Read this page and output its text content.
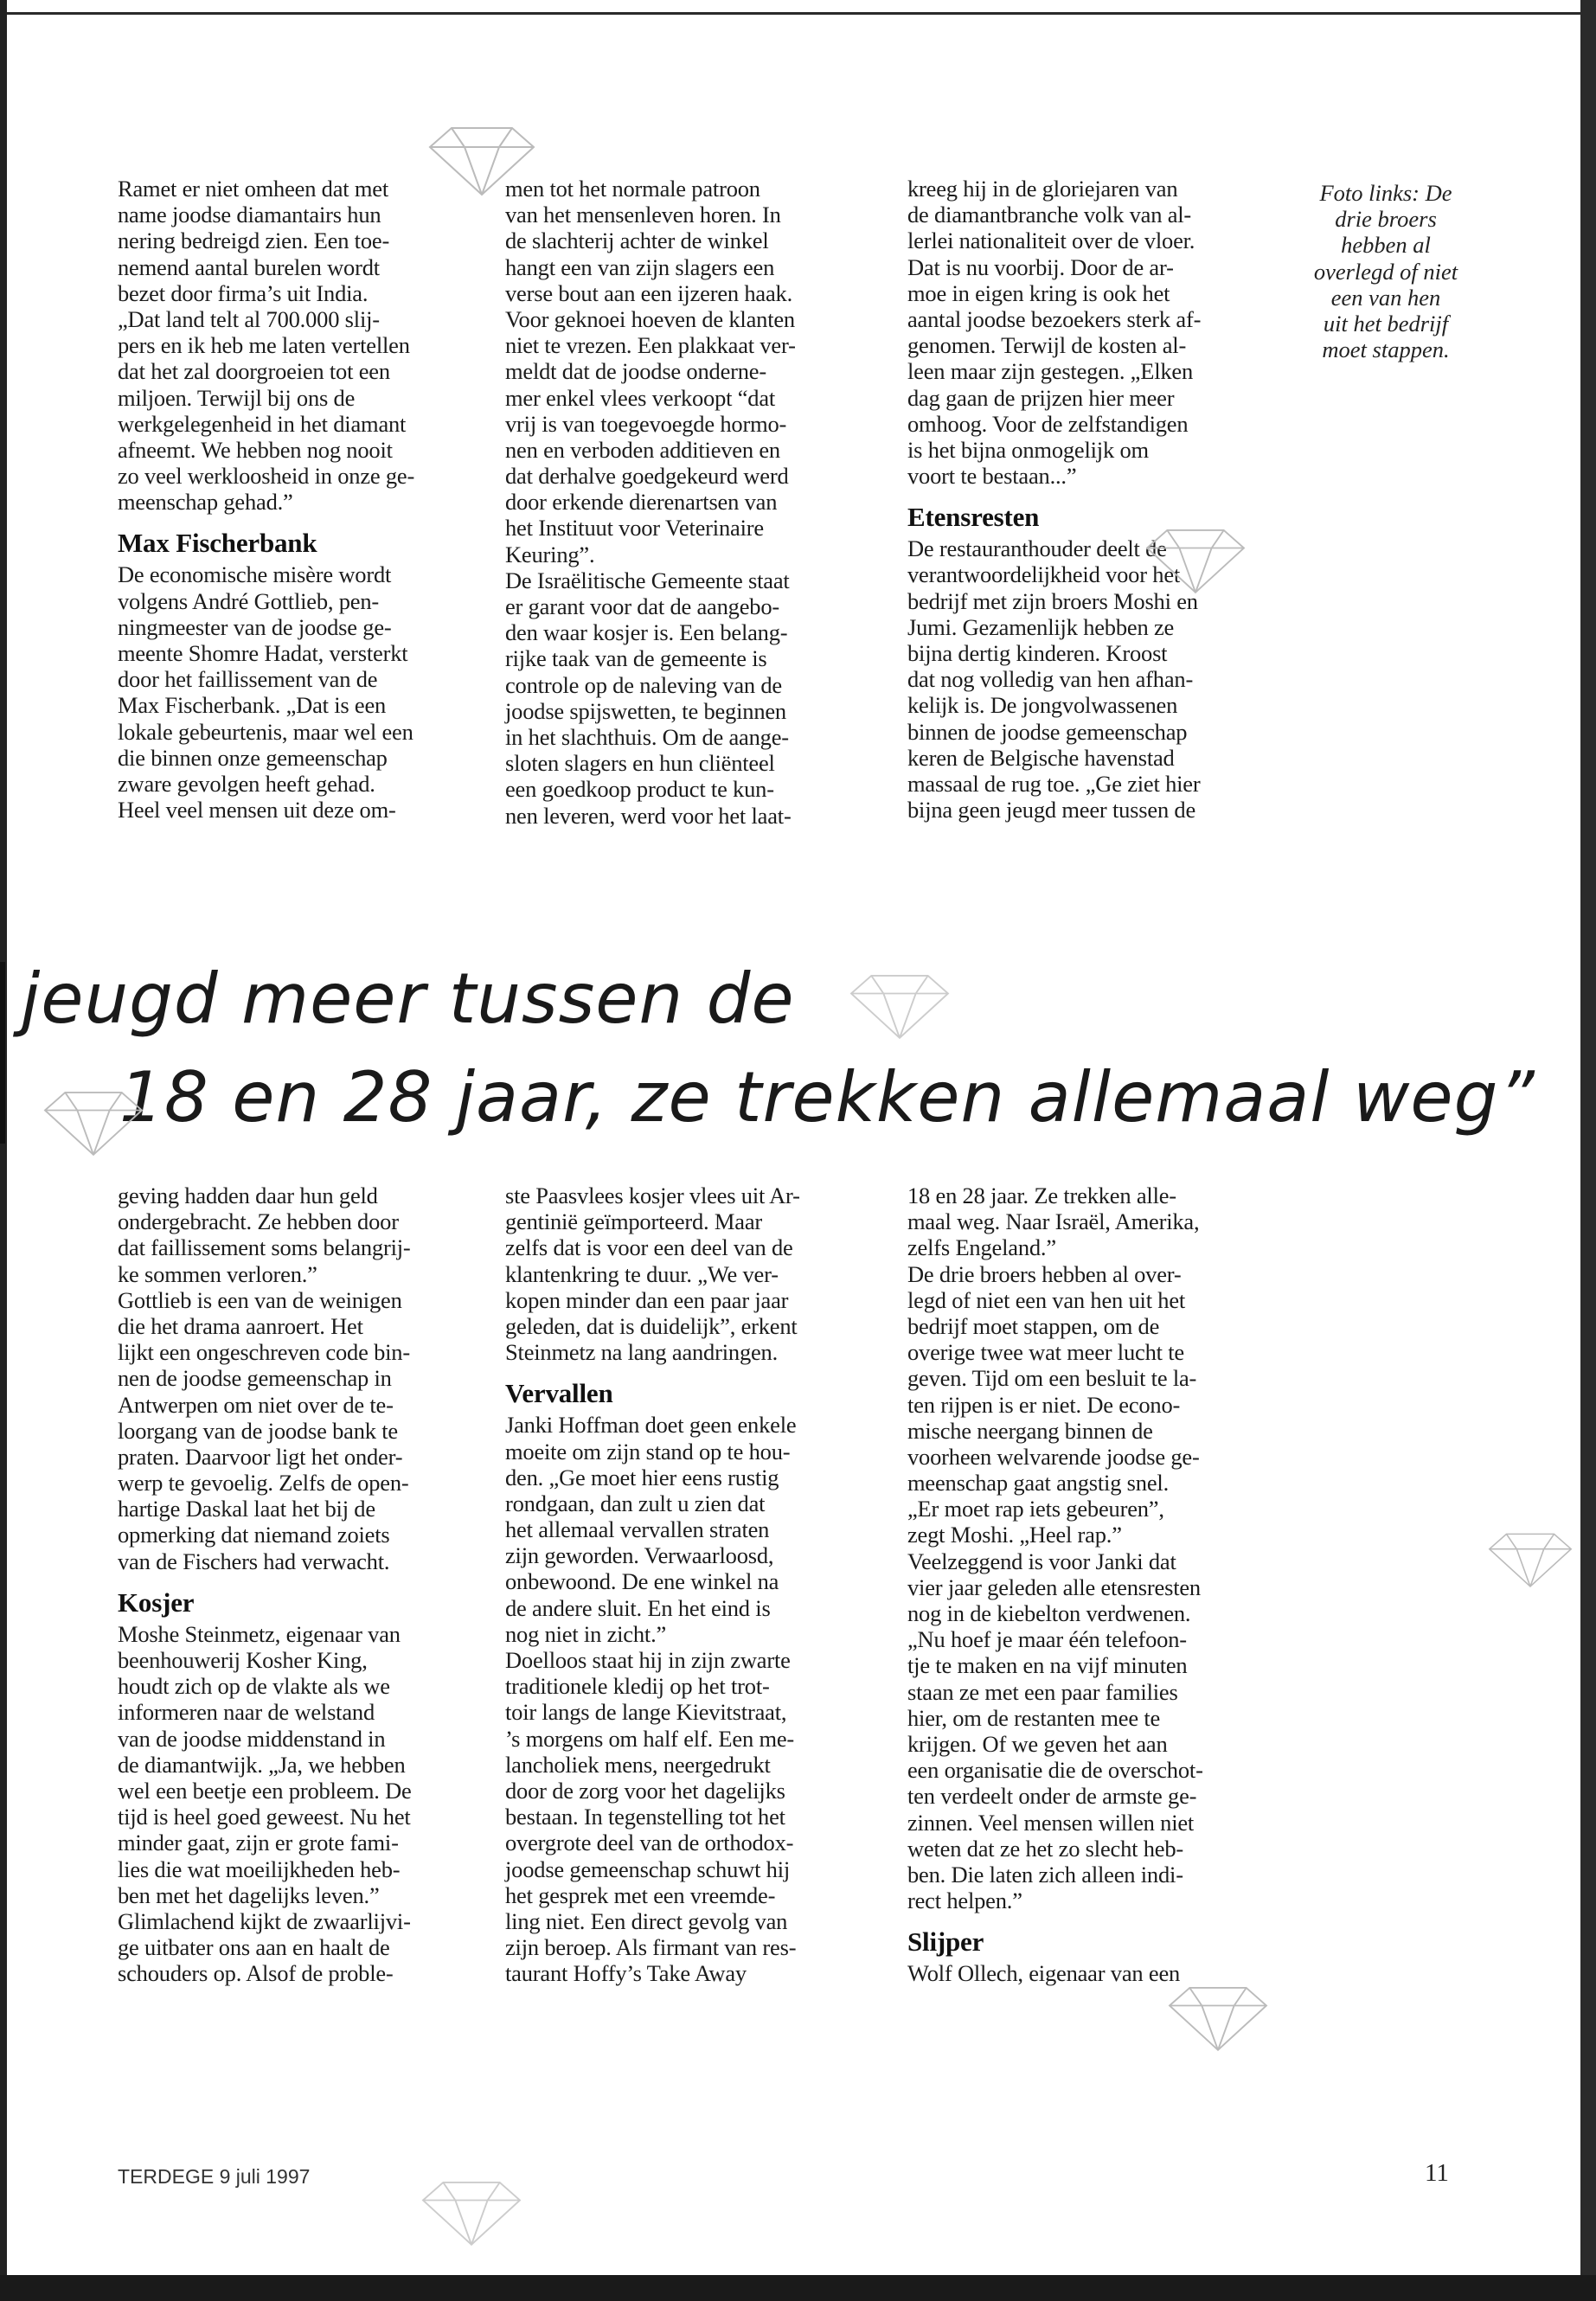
Ramet er niet omheen dat met
name joodse diamantairs hun
nering bedreigd zien. Een toe-
nemend aantal burelen wordt
bezet door firma’s uit India.
„Dat land telt al 700.000 slij-
pers en ik heb me laten vertellen
dat het zal doorgroeien tot een
miljoen. Terwijl bij ons de
werkgelegenheid in het diamant
afneemt. We hebben nog nooit
zo veel werkloosheid in onze ge-
meenschap gehad.”
Max Fischerbank
De economische misère wordt
volgens André Gottlieb, pen-
ningmeester van de joodse ge-
meente Shomre Hadat, versterkt
door het faillissement van de
Max Fischerbank. „Dat is een
lokale gebeurtenis, maar wel een
die binnen onze gemeenschap
zware gevolgen heeft gehad.
Heel veel mensen uit deze om-
men tot het normale patroon
van het mensenleven horen. In
de slachterij achter de winkel
hangt een van zijn slagers een
verse bout aan een ijzeren haak.
Voor geknoei hoeven de klanten
niet te vrezen. Een plakkaat ver-
meldt dat de joodse onderne-
mer enkel vlees verkoopt “dat
vrij is van toegevoegde hormo-
nen en verboden additieven en
dat derhalve goedgekeurd werd
door erkende dierenartsen van
het Instituut voor Veterinaire
Keuring”.
De Israëlitische Gemeente staat
er garant voor dat de aangebo-
den waar kosjer is. Een belang-
rijke taak van de gemeente is
controle op de naleving van de
joodse spijswetten, te beginnen
in het slachthuis. Om de aange-
sloten slagers en hun cliënteel
een goedkoop product te kun-
nen leveren, werd voor het laat-
kreeg hij in de gloriejaren van
de diamantbranche volk van al-
lerlei nationaliteit over de vloer.
Dat is nu voorbij. Door de ar-
moe in eigen kring is ook het
aantal joodse bezoekers sterk af-
genomen. Terwijl de kosten al-
leen maar zijn gestegen. „Elken
dag gaan de prijzen hier meer
omhoog. Voor de zelfstandigen
is het bijna onmogelijk om
voort te bestaan...”
Etensresten
De restauranthouder deelt de
verantwoordelijkheid voor het
bedrijf met zijn broers Moshi en
Jumi. Gezamenlijk hebben ze
bijna dertig kinderen. Kroost
dat nog volledig van hen afhan-
kelijk is. De jongvolwassenen
binnen de joodse gemeenschap
keren de Belgische havenstad
massaal de rug toe. „Ge ziet hier
bijna geen jeugd meer tussen de
Foto links: De
drie broers
hebben al
overlegd of niet
een van hen
uit het bedrijf
moet stappen.
jeugd meer tussen de
18 en 28 jaar, ze trekken allemaal weg”
geving hadden daar hun geld
ondergebracht. Ze hebben door
dat faillissement soms belangrij-
ke sommen verloren.”
Gottlieb is een van de weinigen
die het drama aanroert. Het
lijkt een ongeschreven code bin-
nen de joodse gemeenschap in
Antwerpen om niet over de te-
loorgang van de joodse bank te
praten. Daarvoor ligt het onder-
werp te gevoelig. Zelfs de open-
hartige Daskal laat het bij de
opmerking dat niemand zoiets
van de Fischers had verwacht.
Kosjer
Moshe Steinmetz, eigenaar van
beenhouwerij Kosher King,
houdt zich op de vlakte als we
informeren naar de welstand
van de joodse middenstand in
de diamantwijk. „Ja, we hebben
wel een beetje een probleem. De
tijd is heel goed geweest. Nu het
minder gaat, zijn er grote fami-
lies die wat moeilijkheden heb-
ben met het dagelijks leven.”
Glimlachend kijkt de zwaarlijvi-
ge uitbater ons aan en haalt de
schouders op. Alsof de proble-
ste Paasvlees kosjer vlees uit Ar-
gentinië geïmporteerd. Maar
zelfs dat is voor een deel van de
klantenkring te duur. „We ver-
kopen minder dan een paar jaar
geleden, dat is duidelijk”, erkent
Steinmetz na lang aandringen.
Vervallen
Janki Hoffman doet geen enkele
moeite om zijn stand op te hou-
den. „Ge moet hier eens rustig
rondgaan, dan zult u zien dat
het allemaal vervallen straten
zijn geworden. Verwaarloosd,
onbewoond. De ene winkel na
de andere sluit. En het eind is
nog niet in zicht.”
Doelloos staat hij in zijn zwarte
traditionele kledij op het trot-
toir langs de lange Kievitstraat,
’s morgens om half elf. Een me-
lancholiek mens, neergedrukt
door de zorg voor het dagelijks
bestaan. In tegenstelling tot het
overgrote deel van de orthodox-
joodse gemeenschap schuwt hij
het gesprek met een vreemde-
ling niet. Een direct gevolg van
zijn beroep. Als firmant van res-
taurant Hoffy’s Take Away
18 en 28 jaar. Ze trekken alle-
maal weg. Naar Israël, Amerika,
zelfs Engeland.”
De drie broers hebben al over-
legd of niet een van hen uit het
bedrijf moet stappen, om de
overige twee wat meer lucht te
geven. Tijd om een besluit te la-
ten rijpen is er niet. De econo-
mische neergang binnen de
voorheen welvarende joodse ge-
meenschap gaat angstig snel.
„Er moet rap iets gebeuren”,
zegt Moshi. „Heel rap.”
Veelzeggend is voor Janki dat
vier jaar geleden alle etensresten
nog in de kiebelton verdwenen.
„Nu hoef je maar één telefoon-
tje te maken en na vijf minuten
staan ze met een paar families
hier, om de restanten mee te
krijgen. Of we geven het aan
een organisatie die de overschot-
ten verdeelt onder de armste ge-
zinnen. Veel mensen willen niet
weten dat ze het zo slecht heb-
ben. Die laten zich alleen indi-
rect helpen.”
Slijper
Wolf Ollech, eigenaar van een
TERDEGE 9 juli 1997	11
